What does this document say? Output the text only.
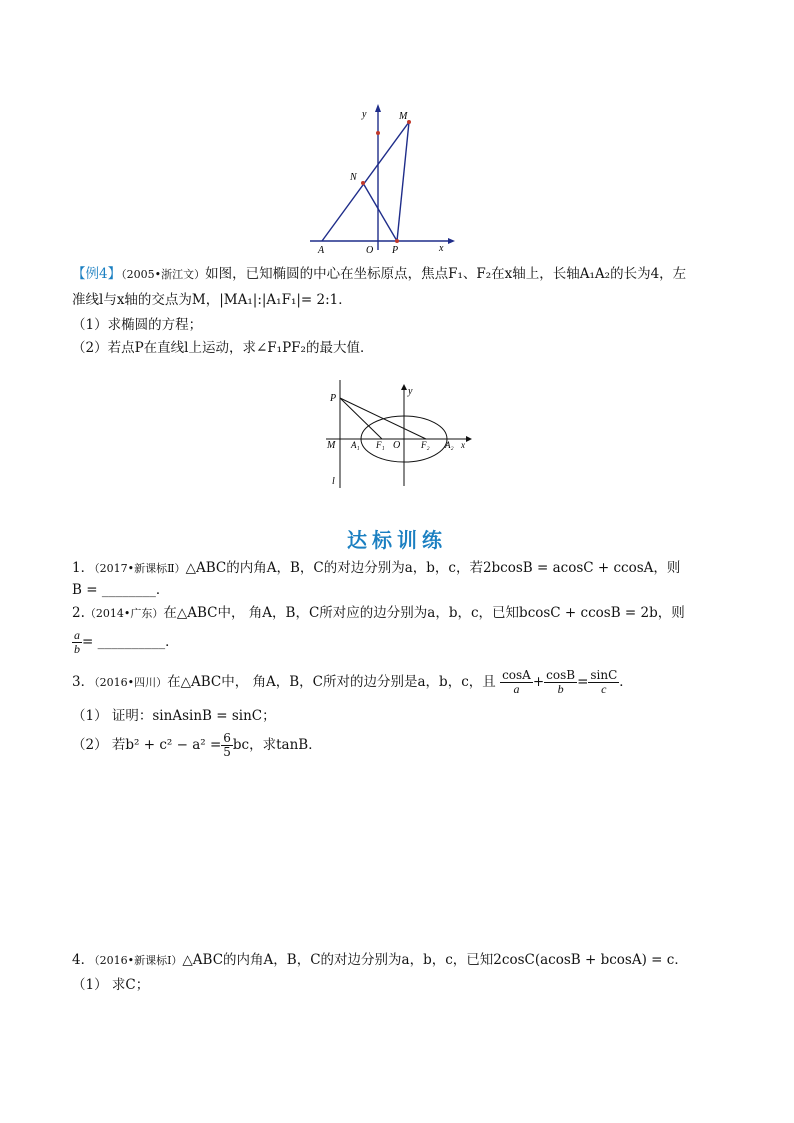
y	M
N
A	O P	x
【例4】（2005•浙江文）如图，已知椭圆的中心在坐标原点，焦点F₁、F₂在x轴上，长轴A₁A₂的长为4，左
准线l与x轴的交点为M，|MA₁|:|A₁F₁|= 2:1．
（1）求椭圆的方程；
（2）若点P在直线l上运动，求∠F₁PF₂的最大值．
P
y
M A₁ F₁ O F₂ A₂ x
l
达标训练
1．（2017•新课标Ⅱ）△ABC的内角A，B，C的对边分别为a，b，c，若2bcosB = acosC + ccosA，则
B = ________．
2.（2014•广东）在△ABC中， 角A，B，C所对应的边分别为a，b，c，已知bcosC + ccosB = 2b，则
$\frac{a}{b}$ = __________．
3．（2016•四川）在△ABC中， 角A，B，C所对的边分别是a，b，c，且 $\frac{\cos A}{a} + \frac{\cos B}{b} = \frac{\sin C}{c}$ ．
（1） 证明：sinAsinB = sinC；
（2） 若$b^2 + c^2 - a^2 = \frac{6}{5}$ bc，求tanB．
4．（2016•新课标Ⅰ）△ABC的内角A，B，C的对边分别为a，b，c，已知2cosC(acosB + bcosA) = c．
（1） 求C；
